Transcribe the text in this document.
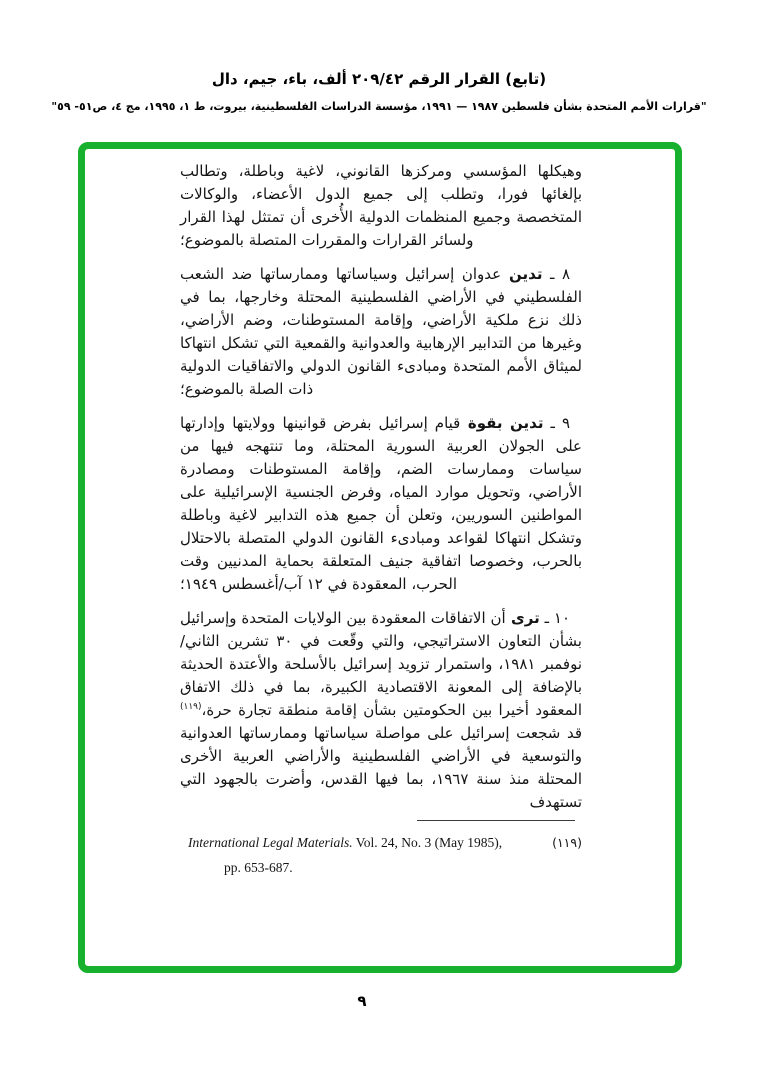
(تابع) القرار الرقم ٢٠٩/٤٢ ألف، باء، جيم، دال
"قرارات الأمم المتحدة بشأن فلسطين ١٩٨٧ — ١٩٩١، مؤسسة الدراسات الفلسطينية، بيروت، ط ١، ١٩٩٥، مج ٤، ص٥١- ٥٩"

وهيكلها المؤسسي ومركزها القانوني، لاغية وباطلة، وتطالب بإلغائها فورا، وتطلب إلى جميع الدول الأعضاء، والوكالات المتخصصة وجميع المنظمات الدولية الأُخرى أن تمتثل لهذا القرار ولسائر القرارات والمقررات المتصلة بالموضوع؛

٨ ـ تدين عدوان إسرائيل وسياساتها وممارساتها ضد الشعب الفلسطيني في الأراضي الفلسطينية المحتلة وخارجها، بما في ذلك نزع ملكية الأراضي، وإقامة المستوطنات، وضم الأراضي، وغيرها من التدابير الإرهابية والعدوانية والقمعية التي تشكل انتهاكا لميثاق الأمم المتحدة ومبادىء القانون الدولي والاتفاقيات الدولية ذات الصلة بالموضوع؛

٩ ـ تدين بقوة قيام إسرائيل بفرض قوانينها وولايتها وإدارتها على الجولان العربية السورية المحتلة، وما تنتهجه فيها من سياسات وممارسات الضم، وإقامة المستوطنات ومصادرة الأراضي، وتحويل موارد المياه، وفرض الجنسية الإسرائيلية على المواطنين السوريين، وتعلن أن جميع هذه التدابير لاغية وباطلة وتشكل انتهاكا لقواعد ومبادىء القانون الدولي المتصلة بالاحتلال بالحرب، وخصوصا اتفاقية جنيف المتعلقة بحماية المدنيين وقت الحرب، المعقودة في ١٢ آب/أغسطس ١٩٤٩؛

١٠ ـ ترى أن الاتفاقات المعقودة بين الولايات المتحدة وإسرائيل بشأن التعاون الاستراتيجي، والتي وقّعت في ٣٠ تشرين الثاني/نوفمبر ١٩٨١، واستمرار تزويد إسرائيل بالأسلحة والأعتدة الحديثة بالإضافة إلى المعونة الاقتصادية الكبيرة، بما في ذلك الاتفاق المعقود أخيرا بين الحكومتين بشأن إقامة منطقة تجارة حرة،$^{(١١٩)}$ قد شجعت إسرائيل على مواصلة سياساتها وممارساتها العدوانية والتوسعية في الأراضي الفلسطينية والأراضي العربية الأخرى المحتلة منذ سنة ١٩٦٧، بما فيها القدس، وأضرت بالجهود التي تستهدف

International Legal Materials. Vol. 24, No. 3 (May 1985),	(١١٩)
pp. 653-687.
٩
